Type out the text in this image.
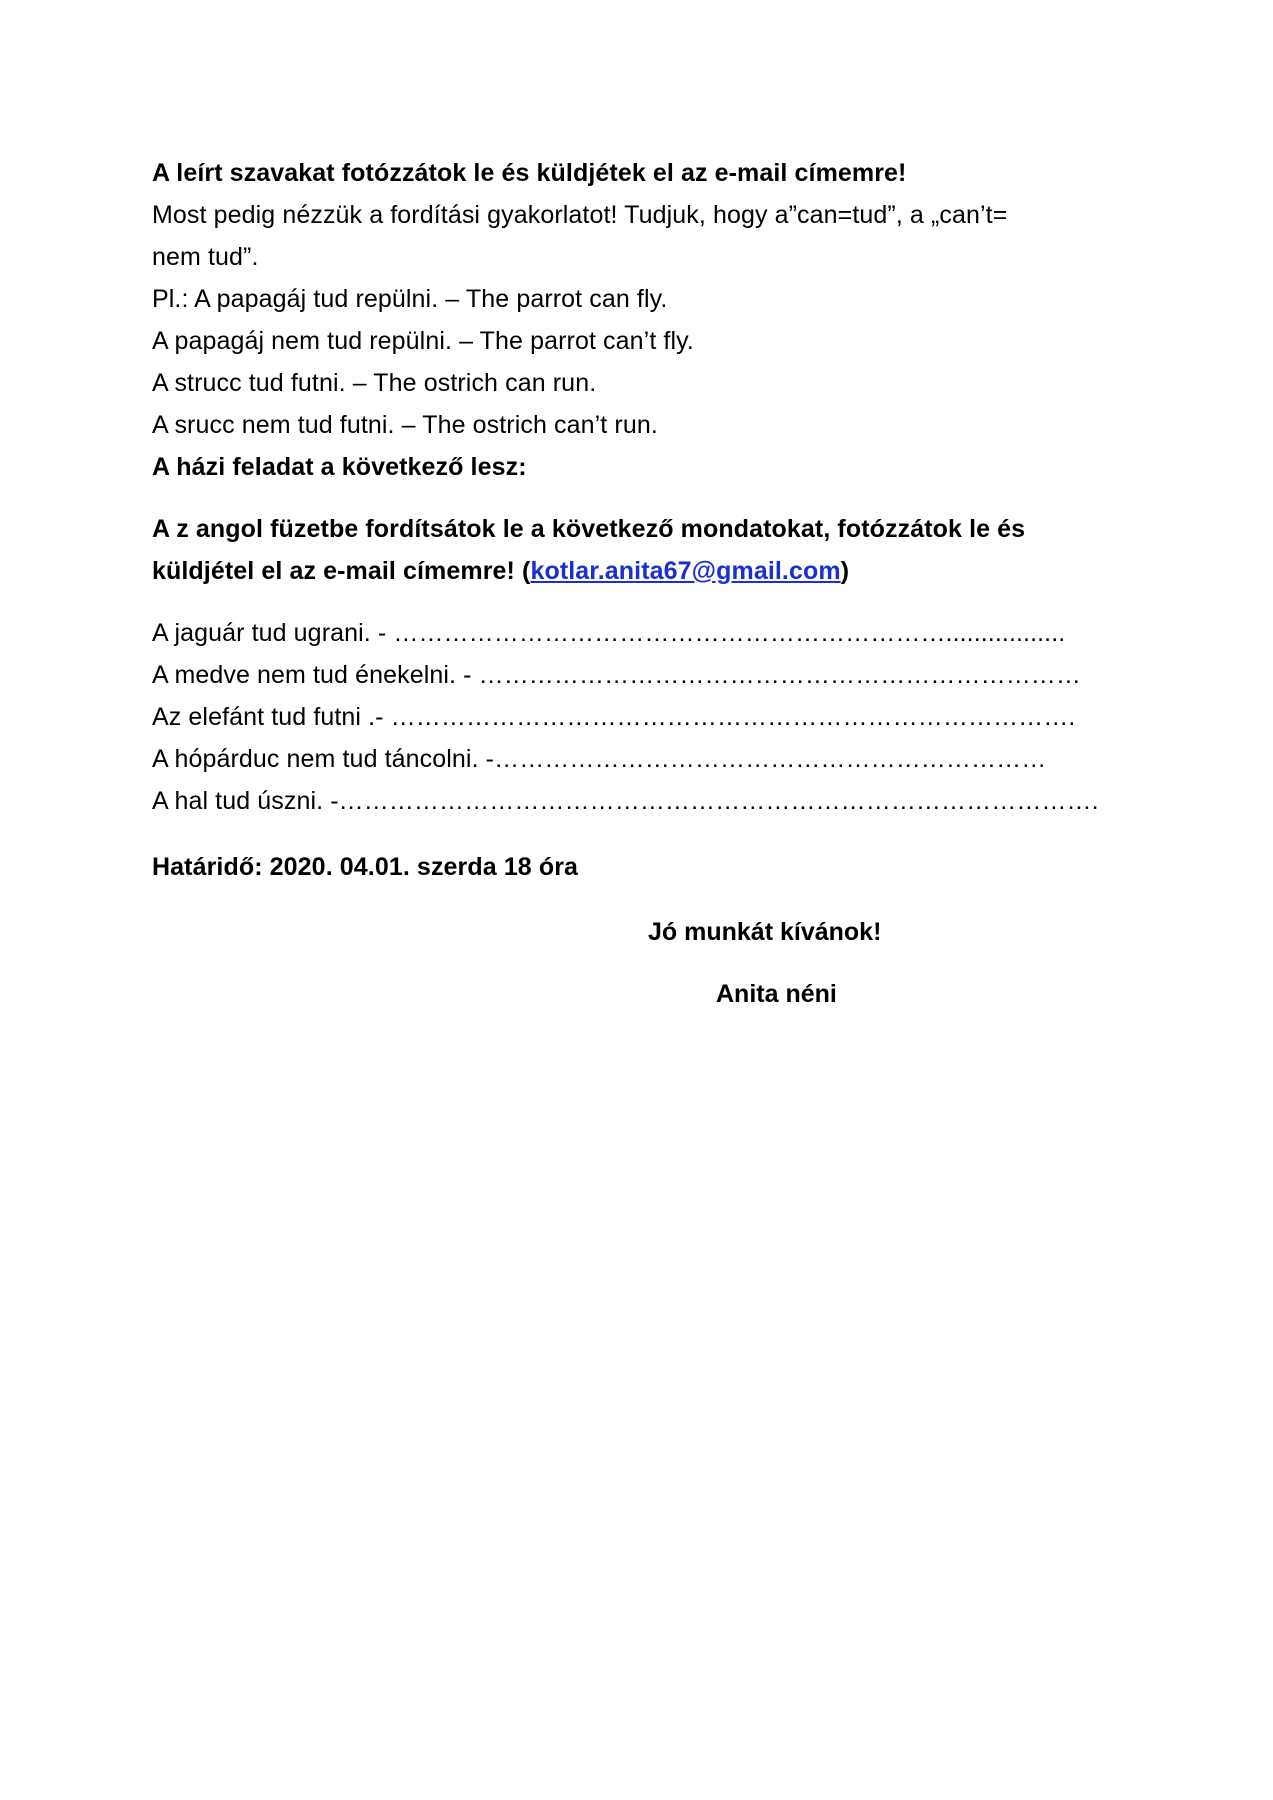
A leírt szavakat fotózzátok le és küldjétek el az e-mail címemre!
Most pedig nézzük a fordítási gyakorlatot! Tudjuk, hogy a”can=tud”, a „can’t=
nem tud”.
Pl.: A papagáj tud repülni. – The parrot can fly.
A papagáj nem tud repülni. – The parrot can’t fly.
A strucc tud futni. – The ostrich can run.
A srucc nem tud futni. – The ostrich can’t run.
A házi feladat a következő lesz:
A z angol füzetbe fordítsátok le a következő mondatokat, fotózzátok le és
küldjétel el az e-mail címemre! (kotlar.anita67@gmail.com)
A jaguár tud ugrani. - ………………………………………………………….................
A medve nem tud énekelni. - ………………………………………………………………
Az elefánt tud futni .- ……………………………………………………………………….
A hópárduc nem tud táncolni. -…………………………………………………………
A hal tud úszni. -……………………………………………………………………………….
Határidő: 2020. 04.01. szerda 18 óra
Jó munkát kívánok!
Anita néni
